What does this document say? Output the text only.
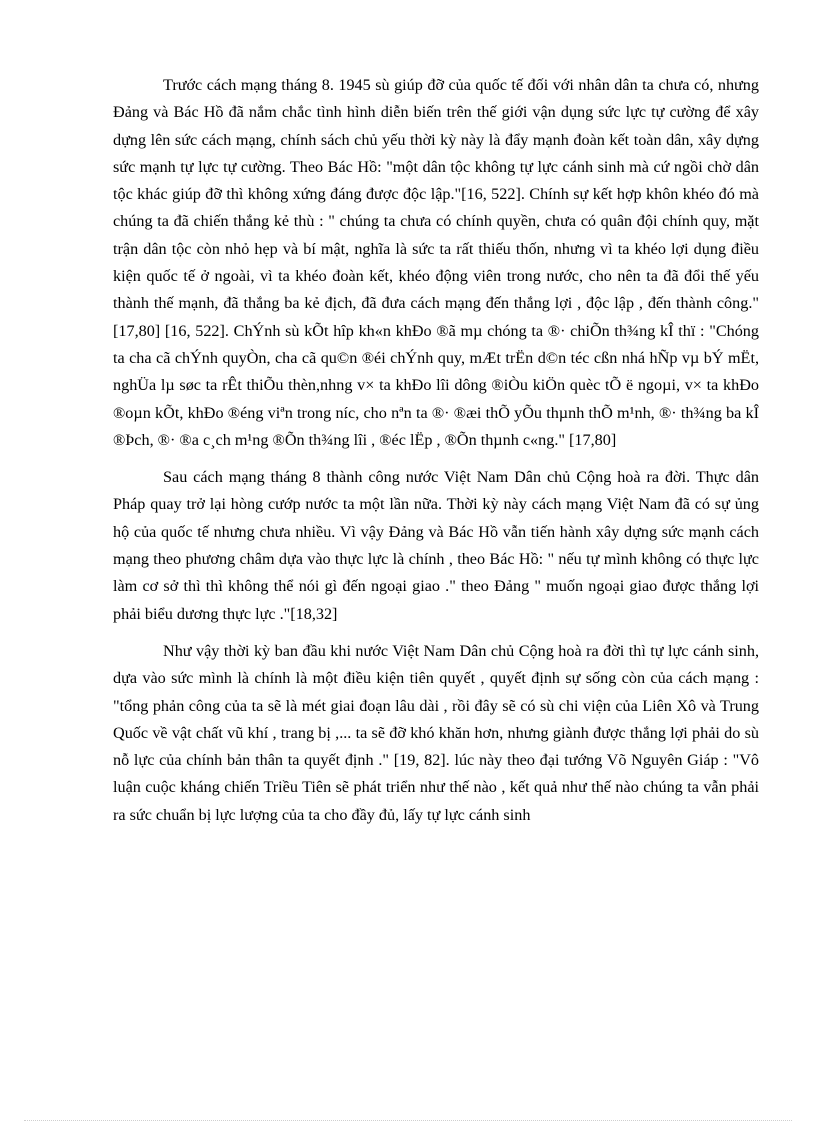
Trước cách mạng tháng 8. 1945 sù giúp đỡ của quốc tế đối với nhân dân ta chưa có, nhưng Đảng và Bác Hồ đã nắm chắc tình hình diễn biến trên thế giới vận dụng sức lực tự cường để xây dựng lên sức cách mạng, chính sách chủ yếu thời kỳ này là đẩy mạnh đoàn kết toàn dân, xây dựng sức mạnh tự lực tự cường. Theo Bác Hồ: "một dân tộc không tự lực cánh sinh mà cứ ngồi chờ dân tộc khác giúp đỡ thì không xứng đáng được độc lập."[16, 522]. Chính sự kết hợp khôn khéo đó mà chúng ta đã chiến thắng kẻ thù : " chúng ta chưa có chính quyền, chưa có quân đội chính quy, mặt trận dân tộc còn nhỏ hẹp và bí mật, nghĩa là sức ta rất thiếu thốn, nhưng vì ta khéo lợi dụng điều kiện quốc tế ở ngoài, vì ta khéo đoàn kết, khéo động viên trong nước, cho nên ta đã đổi thế yếu thành thế mạnh, đã thắng ba kẻ địch, đã đưa cách mạng đến thắng lợi , độc lập , đến thành công." [17,80] [16, 522]. ChÝnh sù kÕt hîp kh«n khÐo ®ã mµ chóng ta ®· chiÕn th¾ng kÎ thï : "Chóng ta cha cã chÝnh quyÒn, cha cã qu©n ®éi chÝnh quy, mÆt trËn d©n téc cßn nhá hÑp vµ bÝ mËt, nghÜa lµ søc ta rÊt thiÕu thèn,nhng v× ta khÐo lîi dông ®iÒu kiÖn quèc tÕ ë ngoµi, v× ta khÐo ®oµn kÕt, khÐo ®éng viªn trong níc, cho nªn ta ®· ®æi thÕ yÕu thµnh thÕ m¹nh, ®· th¾ng ba kÎ ®Þch, ®· ®a c¸ch m¹ng ®Õn th¾ng lîi , ®éc lËp , ®Õn thµnh c«ng." [17,80]

Sau cách mạng tháng 8 thành công nước Việt Nam Dân chủ Cộng hoà ra đời. Thực dân Pháp quay trở lại hòng cướp nước ta một lần nữa. Thời kỳ này cách mạng Việt Nam đã có sự ủng hộ của quốc tế nhưng chưa nhiều. Vì vậy Đảng và Bác Hồ vẫn tiến hành xây dựng sức mạnh cách mạng theo phương châm dựa vào thực lực là chính , theo Bác Hồ: " nếu tự mình không có thực lực làm cơ sở thì thì không thể nói gì đến ngoại giao ." theo Đảng " muốn ngoại giao được thắng lợi phải biểu dương thực lực ."[18,32]

Như vậy thời kỳ ban đầu khi nước Việt Nam Dân chủ Cộng hoà ra đời thì tự lực cánh sinh, dựa vào sức mình là chính là một điều kiện tiên quyết , quyết định sự sống còn của cách mạng : "tổng phản công của ta sẽ là mét giai đoạn lâu dài , rồi đây sẽ có sù chi viện của Liên Xô và Trung Quốc về vật chất vũ khí , trang bị ,... ta sẽ đỡ khó khăn hơn, nhưng giành được thắng lợi phải do sù nỗ lực của chính bản thân ta quyết định ." [19, 82]. lúc này theo đại tướng Võ Nguyên Giáp : "Vô luận cuộc kháng chiến Triều Tiên sẽ phát triển như thế nào , kết quả như thế nào chúng ta vẫn phải ra sức chuẩn bị lực lượng của ta cho đầy đủ, lấy tự lực cánh sinh
